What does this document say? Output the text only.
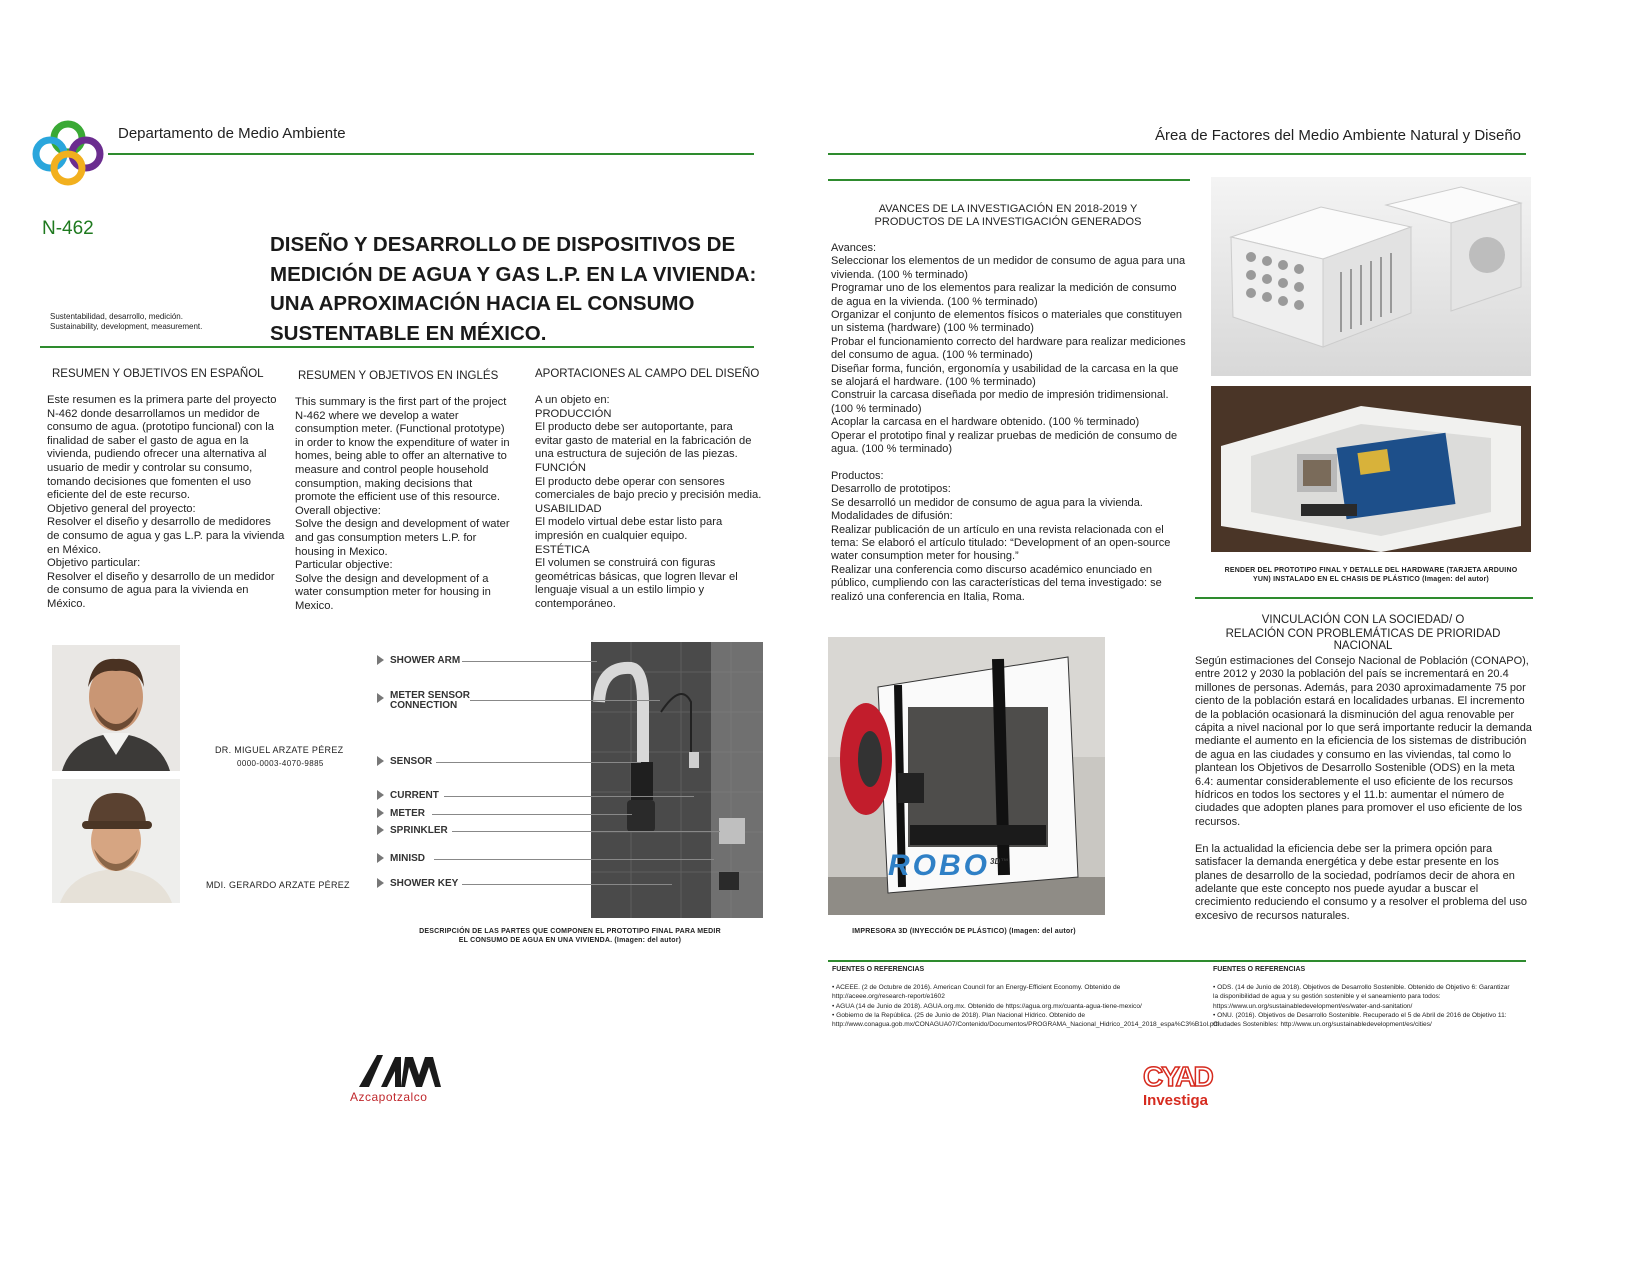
Departamento de Medio Ambiente
N-462
DISEÑO Y DESARROLLO DE DISPOSITIVOS DE MEDICIÓN DE AGUA Y GAS L.P. EN LA VIVIENDA: UNA APROXIMACIÓN HACIA EL CONSUMO SUSTENTABLE EN MÉXICO.
Sustentabilidad, desarrollo, medición.
Sustainability, development, measurement.
RESUMEN Y OBJETIVOS EN ESPAÑOL
Este resumen es la primera parte del proyecto N-462 donde desarrollamos un medidor de consumo de agua. (prototipo funcional) con la finalidad de saber el gasto de agua en la vivienda, pudiendo ofrecer una alternativa al usuario de medir y controlar su consumo, tomando decisiones que fomenten el uso eficiente del de este recurso.
Objetivo general del proyecto:
Resolver el diseño y desarrollo de medidores de consumo de agua y gas L.P. para la vivienda en México.
Objetivo particular:
Resolver el diseño y desarrollo de un medidor de consumo de agua para la vivienda en México.
RESUMEN Y OBJETIVOS EN INGLÉS
This summary is the first part of the project N-462 where we develop a water consumption meter. (Functional prototype) in order to know the expenditure of water in homes, being able to offer an alternative to measure and control people household consumption, making decisions that promote the efficient use of this resource.
Overall objective:
Solve the design and development of water and gas consumption meters L.P. for housing in Mexico.
Particular objective:
Solve the design and development of a water consumption meter for housing in Mexico.
APORTACIONES AL CAMPO DEL DISEÑO
A un objeto en:
PRODUCCIÓN
El producto debe ser autoportante, para evitar gasto de material en la fabricación de una estructura de sujeción de las piezas.
FUNCIÓN
El producto debe operar con sensores comerciales de bajo precio y precisión media.
USABILIDAD
El modelo virtual debe estar listo para impresión en cualquier equipo.
ESTÉTICA
El volumen se construirá con figuras geométricas básicas, que logren llevar el lenguaje visual a un estilo limpio y contemporáneo.
DR. MIGUEL ARZATE PÉREZ
0000-0003-4070-9885
MDI. GERARDO ARZATE PÉREZ
SHOWER ARM
METER SENSOR CONNECTION
SENSOR
CURRENT
METER
SPRINKLER
MINISD
SHOWER KEY
DESCRIPCIÓN DE LAS PARTES QUE COMPONEN EL PROTOTIPO FINAL PARA MEDIR
EL CONSUMO DE AGUA EN UNA VIVIENDA. (Imagen: del autor)
Azcapotzalco
Área de Factores del Medio Ambiente Natural y Diseño
AVANCES DE LA INVESTIGACIÓN EN 2018-2019 Y
PRODUCTOS DE LA INVESTIGACIÓN GENERADOS
Avances:
Seleccionar los elementos de un medidor de consumo de agua para una vivienda. (100 % terminado)
Programar uno de los elementos para realizar la medición de consumo de agua en la vivienda. (100 % terminado)
Organizar el conjunto de elementos físicos o materiales que constituyen un sistema (hardware) (100 % terminado)
Probar el funcionamiento correcto del hardware para realizar mediciones del consumo de agua. (100 % terminado)
Diseñar forma, función, ergonomía y usabilidad de la carcasa en la que se alojará el hardware. (100 % terminado)
Construir la carcasa diseñada por medio de impresión tridimensional. (100 % terminado)
Acoplar la carcasa en el hardware obtenido. (100 % terminado)
Operar el prototipo final y realizar pruebas de medición de consumo de agua. (100 % terminado)

Productos:
Desarrollo de prototipos:
Se desarrolló un medidor de consumo de agua para la vivienda.
Modalidades de difusión:
Realizar publicación de un artículo en una revista relacionada con el tema: Se elaboró el artículo titulado: “Development of an open-source water consumption meter for housing.”
Realizar una conferencia como discurso académico enunciado en público, cumpliendo con las características del tema investigado: se realizó una conferencia en Italia, Roma.
RENDER DEL PROTOTIPO FINAL Y DETALLE DEL HARDWARE (TARJETA ARDUINO
YUN) INSTALADO EN EL CHASIS DE PLÁSTICO (Imagen: del autor)
VINCULACIÓN CON LA SOCIEDAD/ O
RELACIÓN CON PROBLEMÁTICAS DE PRIORIDAD NACIONAL
Según estimaciones del Consejo Nacional de Población (CONAPO), entre 2012 y 2030 la población del país se incrementará en 20.4 millones de personas. Además, para 2030 aproximadamente 75 por ciento de la población estará en localidades urbanas. El incremento de la población ocasionará la disminución del agua renovable per cápita a nivel nacional por lo que será importante reducir la demanda mediante el aumento en la eficiencia de los sistemas de distribución de agua en las ciudades y consumo en las viviendas, tal como lo plantean los Objetivos de Desarrollo Sostenible (ODS) en la meta 6.4: aumentar considerablemente el uso eficiente de los recursos hídricos en todos los sectores y el 11.b: aumentar el número de ciudades que adopten planes para promover el uso eficiente de los recursos.

En la actualidad la eficiencia debe ser la primera opción para satisfacer la demanda energética y debe estar presente en los planes de desarrollo de la sociedad, podríamos decir de ahora en adelante que este concepto nos puede ayudar a buscar el crecimiento reduciendo el consumo y a resolver el problema del uso excesivo de recursos naturales.
$ROBO^{3D™}$
IMPRESORA 3D (INYECCIÓN DE PLÁSTICO) (Imagen: del autor)
FUENTES O REFERENCIAS
• ACEEE. (2 de Octubre de 2016). American Council for an Energy-Efficient Economy. Obtenido de http://aceee.org/research-report/e1602
• AGUA (14 de Junio de 2018). AGUA.org.mx. Obtenido de https://agua.org.mx/cuanta-agua-tiene-mexico/
• Gobierno de la República. (25 de Junio de 2018). Plan Nacional Hídrico. Obtenido de http://www.conagua.gob.mx/CONAGUA07/Contenido/Documentos/PROGRAMA_Nacional_Hidrico_2014_2018_espa%C3%B1ol.pdf
FUENTES O REFERENCIAS
• ODS. (14 de Junio de 2018). Objetivos de Desarrollo Sostenible. Obtenido de Objetivo 6: Garantizar la disponibilidad de agua y su gestión sostenible y el saneamiento para todos: https://www.un.org/sustainabledevelopment/es/water-and-sanitation/
• ONU. (2016). Objetivos de Desarrollo Sostenible. Recuperado el 5 de Abril de 2016 de Objetivo 11: Ciudades Sostenibles: http://www.un.org/sustainabledevelopment/es/cities/
CYAD
Investiga
